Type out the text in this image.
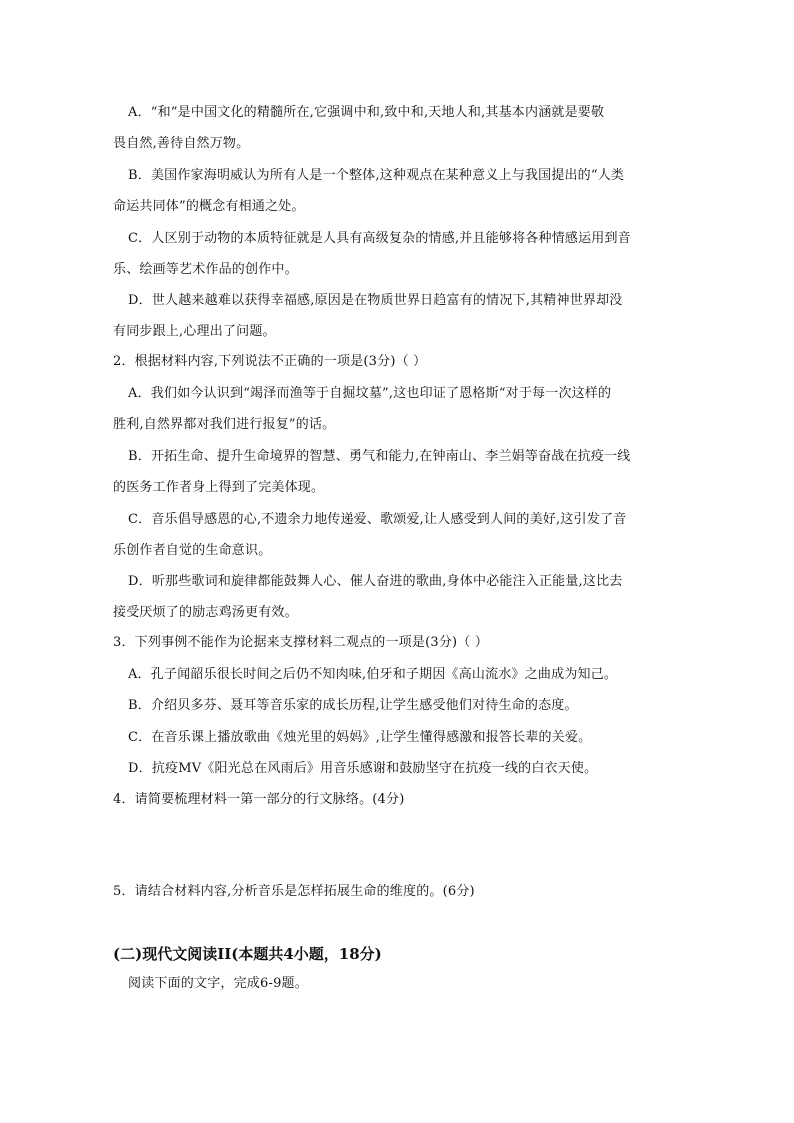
A．“和”是中国文化的精髓所在,它强调中和,致中和,天地人和,其基本内涵就是要敬
畏自然,善待自然万物。
B．美国作家海明威认为所有人是一个整体,这种观点在某种意义上与我国提出的“人类
命运共同体”的概念有相通之处。
C．人区别于动物的本质特征就是人具有高级复杂的情感,并且能够将各种情感运用到音
乐、绘画等艺术作品的创作中。
D．世人越来越难以获得幸福感,原因是在物质世界日趋富有的情况下,其精神世界却没
有同步跟上,心理出了问题。
2．根据材料内容,下列说法不正确的一项是(3分)（ ）
A．我们如今认识到“竭泽而渔等于自掘坟墓”,这也印证了恩格斯“对于每一次这样的
胜利,自然界都对我们进行报复”的话。
B．开拓生命、提升生命境界的智慧、勇气和能力,在钟南山、李兰娟等奋战在抗疫一线
的医务工作者身上得到了完美体现。
C．音乐倡导感恩的心,不遗余力地传递爱、歌颂爱,让人感受到人间的美好,这引发了音
乐创作者自觉的生命意识。
D．听那些歌词和旋律都能鼓舞人心、催人奋进的歌曲,身体中必能注入正能量,这比去
接受厌烦了的励志鸡汤更有效。
3．下列事例不能作为论据来支撑材料二观点的一项是(3分)（ ）
A．孔子闻韶乐很长时间之后仍不知肉味,伯牙和子期因《高山流水》之曲成为知己。
B．介绍贝多芬、聂耳等音乐家的成长历程,让学生感受他们对待生命的态度。
C．在音乐课上播放歌曲《烛光里的妈妈》,让学生懂得感激和报答长辈的关爱。
D．抗疫MV《阳光总在风雨后》用音乐感谢和鼓励坚守在抗疫一线的白衣天使。
4．请简要梳理材料一第一部分的行文脉络。(4分)
5．请结合材料内容,分析音乐是怎样拓展生命的维度的。(6分)
(二)现代文阅读II(本题共4小题，18分)
阅读下面的文字，完成6-9题。
